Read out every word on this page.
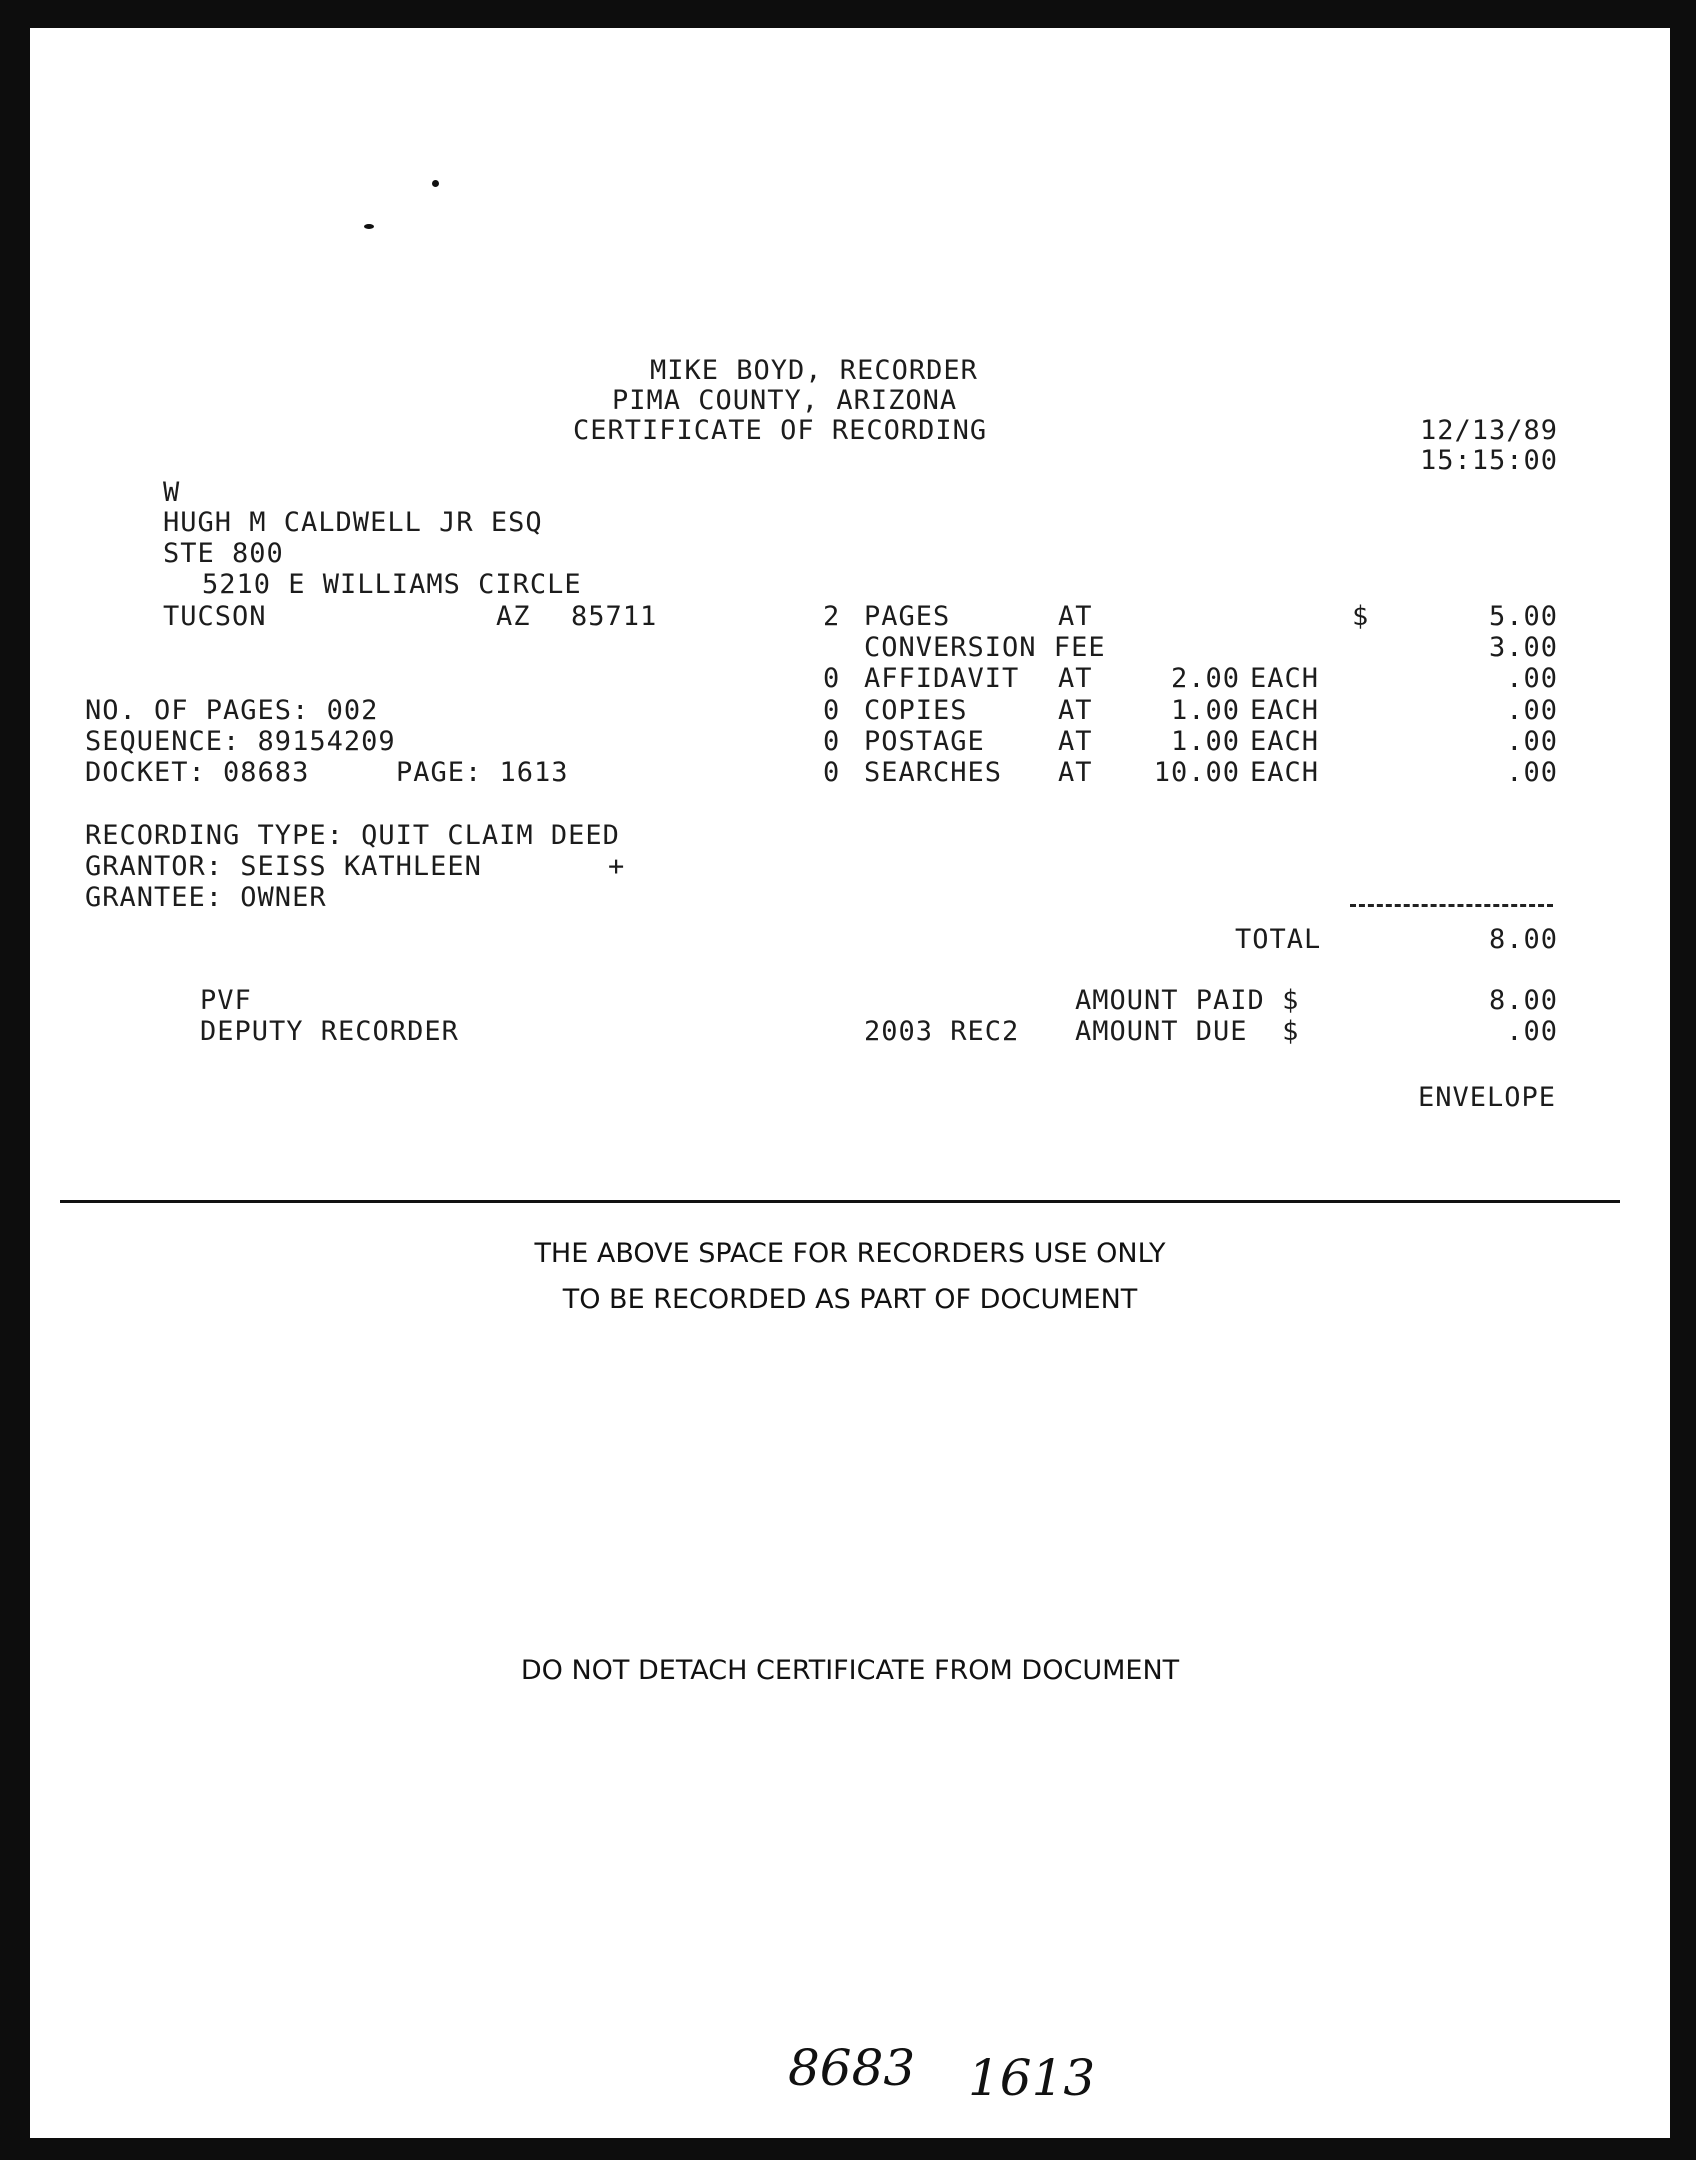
MIKE BOYD, RECORDER
PIMA COUNTY, ARIZONA
CERTIFICATE OF RECORDING	12/13/89
15:15:00
W
HUGH M CALDWELL JR ESQ
STE 800
5210 E WILLIAMS CIRCLE
TUCSON	AZ 85711	2 PAGES	AT	$	5.00
CONVERSION FEE	3.00
0 AFFIDAVIT AT	2.00 EACH	.00
0 COPIES	AT	1.00 EACH	.00
0 POSTAGE	AT	1.00 EACH	.00
0 SEARCHES AT	10.00 EACH	.00
NO. OF PAGES: 002
SEQUENCE: 89154209
DOCKET: 08683	PAGE: 1613
RECORDING TYPE: QUIT CLAIM DEED
GRANTOR: SEISS KATHLEEN	+
GRANTEE: OWNER
TOTAL	8.00
PVF
DEPUTY RECORDER
AMOUNT PAID $	8.00
2003 REC2 AMOUNT DUE  $	.00
ENVELOPE
THE ABOVE SPACE FOR RECORDERS USE ONLY
TO BE RECORDED AS PART OF DOCUMENT
DO NOT DETACH CERTIFICATE FROM DOCUMENT
8683 1613
